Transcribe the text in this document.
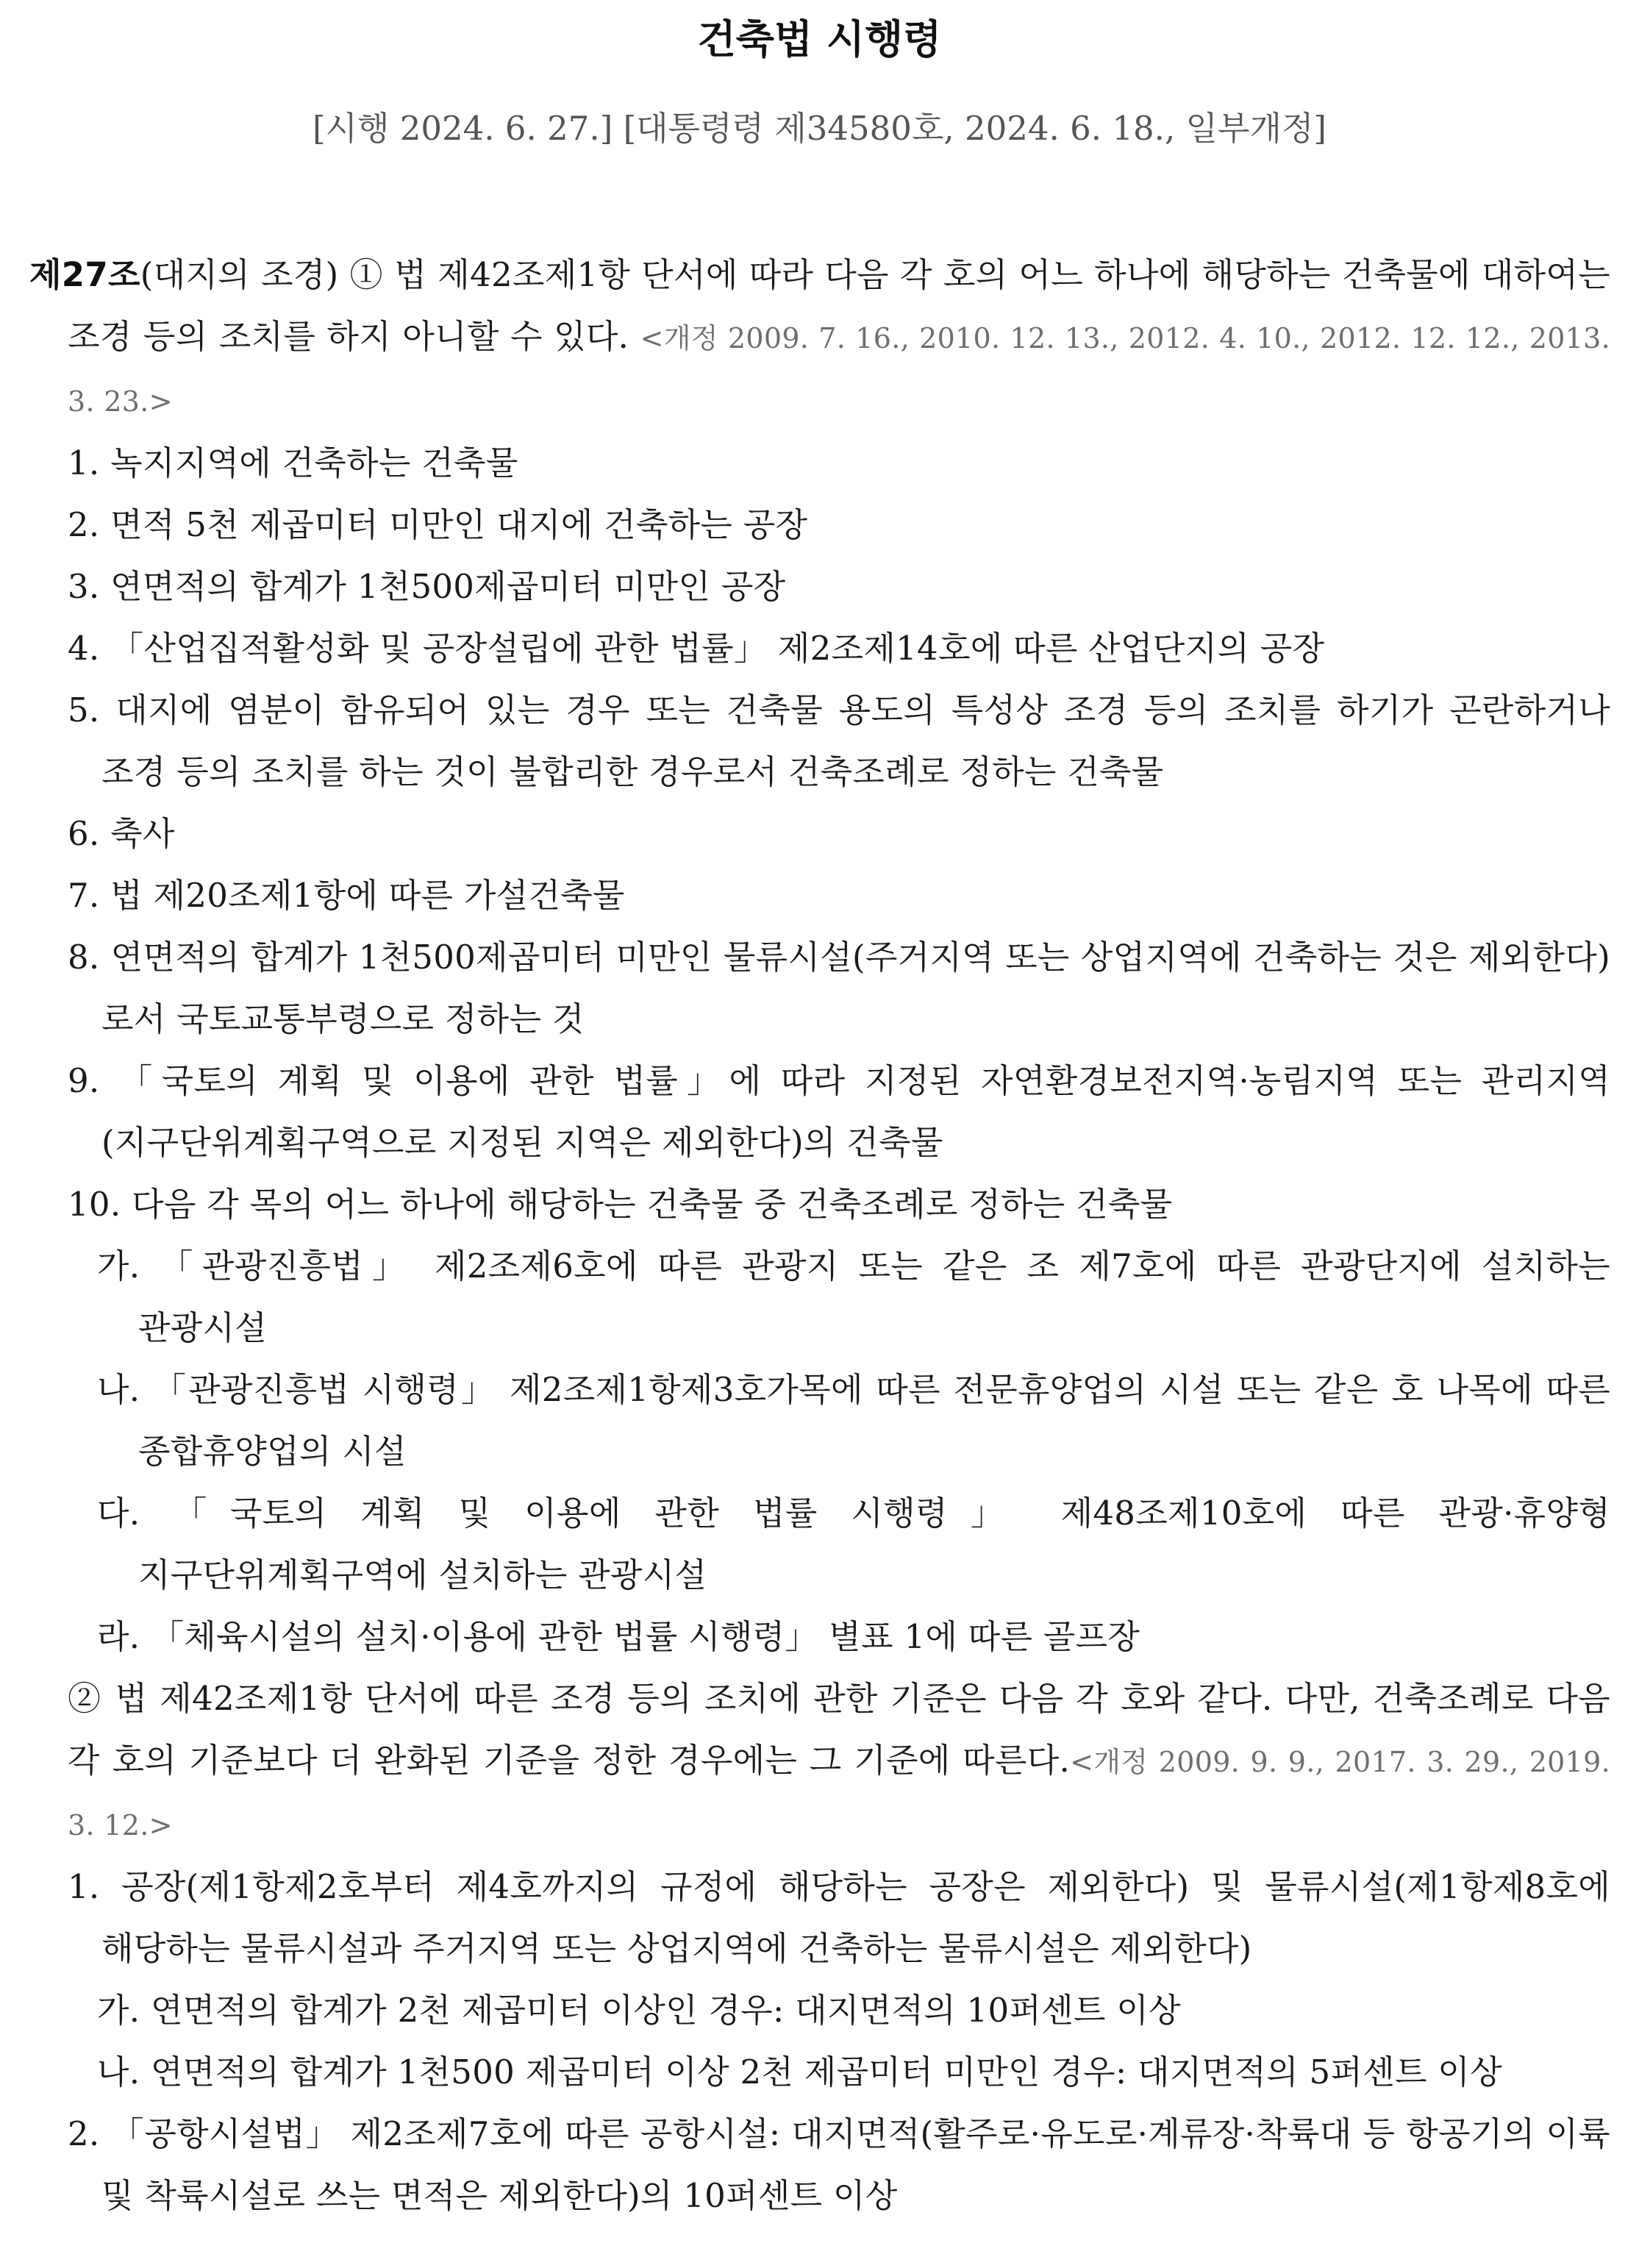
건축법 시행령
[시행 2024. 6. 27.] [대통령령 제34580호, 2024. 6. 18., 일부개정]

제27조(대지의 조경) ① 법 제42조제1항 단서에 따라 다음 각 호의 어느 하나에 해당하는 건축물에 대하여는 조경 등의 조치를 하지 아니할 수 있다. <개정 2009. 7. 16., 2010. 12. 13., 2012. 4. 10., 2012. 12. 12., 2013. 3. 23.>

1. 녹지지역에 건축하는 건축물

2. 면적 5천 제곱미터 미만인 대지에 건축하는 공장

3. 연면적의 합계가 1천500제곱미터 미만인 공장

4. 「산업집적활성화 및 공장설립에 관한 법률」 제2조제14호에 따른 산업단지의 공장

5. 대지에 염분이 함유되어 있는 경우 또는 건축물 용도의 특성상 조경 등의 조치를 하기가 곤란하거나 조경 등의 조치를 하는 것이 불합리한 경우로서 건축조례로 정하는 건축물

6. 축사

7. 법 제20조제1항에 따른 가설건축물

8. 연면적의 합계가 1천500제곱미터 미만인 물류시설(주거지역 또는 상업지역에 건축하는 것은 제외한다)로서 국토교통부령으로 정하는 것

9. 「국토의 계획 및 이용에 관한 법률」에 따라 지정된 자연환경보전지역·농림지역 또는 관리지역(지구단위계획구역으로 지정된 지역은 제외한다)의 건축물

10. 다음 각 목의 어느 하나에 해당하는 건축물 중 건축조례로 정하는 건축물

가. 「관광진흥법」 제2조제6호에 따른 관광지 또는 같은 조 제7호에 따른 관광단지에 설치하는 관광시설

나. 「관광진흥법 시행령」 제2조제1항제3호가목에 따른 전문휴양업의 시설 또는 같은 호 나목에 따른 종합휴양업의 시설

다. 「국토의 계획 및 이용에 관한 법률 시행령」 제48조제10호에 따른 관광·휴양형 지구단위계획구역에 설치하는 관광시설

라. 「체육시설의 설치·이용에 관한 법률 시행령」 별표 1에 따른 골프장

② 법 제42조제1항 단서에 따른 조경 등의 조치에 관한 기준은 다음 각 호와 같다. 다만, 건축조례로 다음 각 호의 기준보다 더 완화된 기준을 정한 경우에는 그 기준에 따른다.<개정 2009. 9. 9., 2017. 3. 29., 2019. 3. 12.>

1. 공장(제1항제2호부터 제4호까지의 규정에 해당하는 공장은 제외한다) 및 물류시설(제1항제8호에 해당하는 물류시설과 주거지역 또는 상업지역에 건축하는 물류시설은 제외한다)

가. 연면적의 합계가 2천 제곱미터 이상인 경우: 대지면적의 10퍼센트 이상

나. 연면적의 합계가 1천500 제곱미터 이상 2천 제곱미터 미만인 경우: 대지면적의 5퍼센트 이상

2. 「공항시설법」 제2조제7호에 따른 공항시설: 대지면적(활주로·유도로·계류장·착륙대 등 항공기의 이륙 및 착륙시설로 쓰는 면적은 제외한다)의 10퍼센트 이상
